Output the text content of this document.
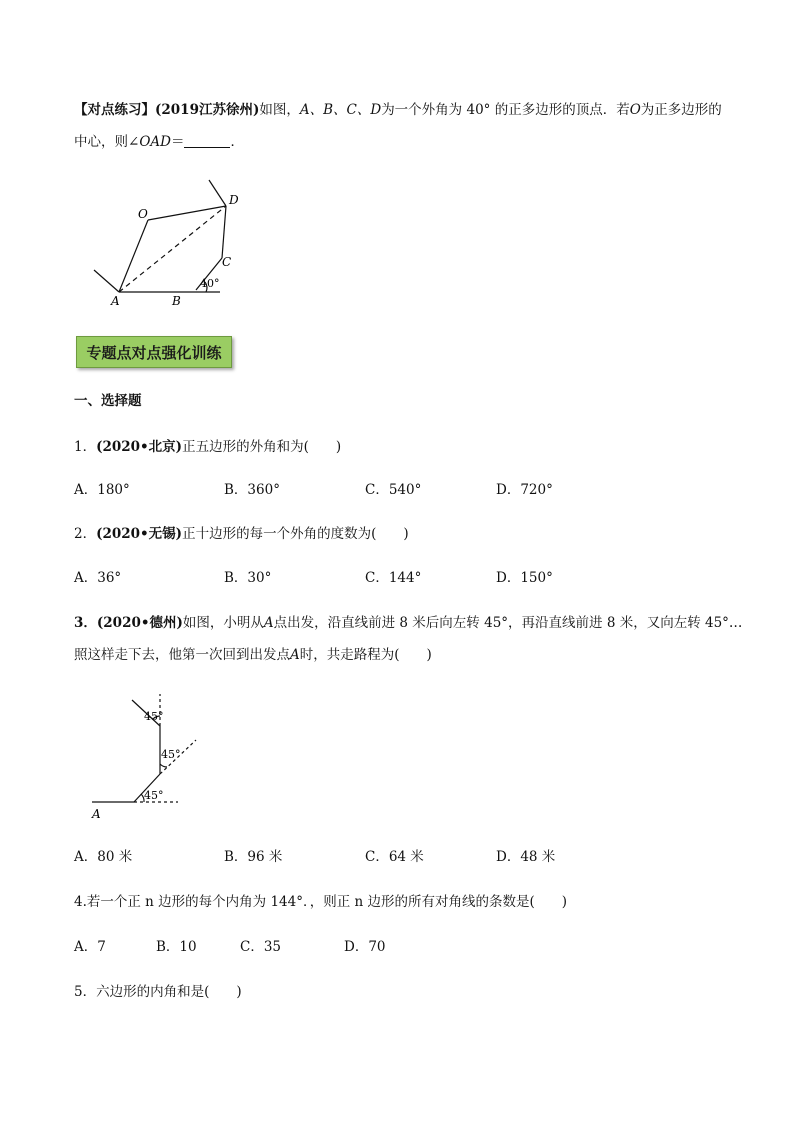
【对点练习】(2019江苏徐州)如图，A、B、C、D为一个外角为 40° 的正多边形的顶点．若O为正多边形的
中心，则∠OAD＝	．
O
D
C
A	B
40°
专题点对点强化训练
一、选择题
1．(2020•北京)正五边形的外角和为(　　)
A．180°	B．360°	C．540°	D．720°
2．(2020•无锡)正十边形的每一个外角的度数为(　　)
A．36°	B．30°	C．144°	D．150°
3．(2020•德州)如图，小明从A点出发，沿直线前进 8 米后向左转 45°，再沿直线前进 8 米，又向左转 45°…
照这样走下去，他第一次回到出发点A时，共走路程为(　　)
A
45°
45°
45°
A．80 米	B．96 米	C．64 米	D．48 米
4.若一个正 n 边形的每个内角为 144°．，则正 n 边形的所有对角线的条数是(　　)
A．7	B．10	C．35	D．70
5．六边形的内角和是(　　)
